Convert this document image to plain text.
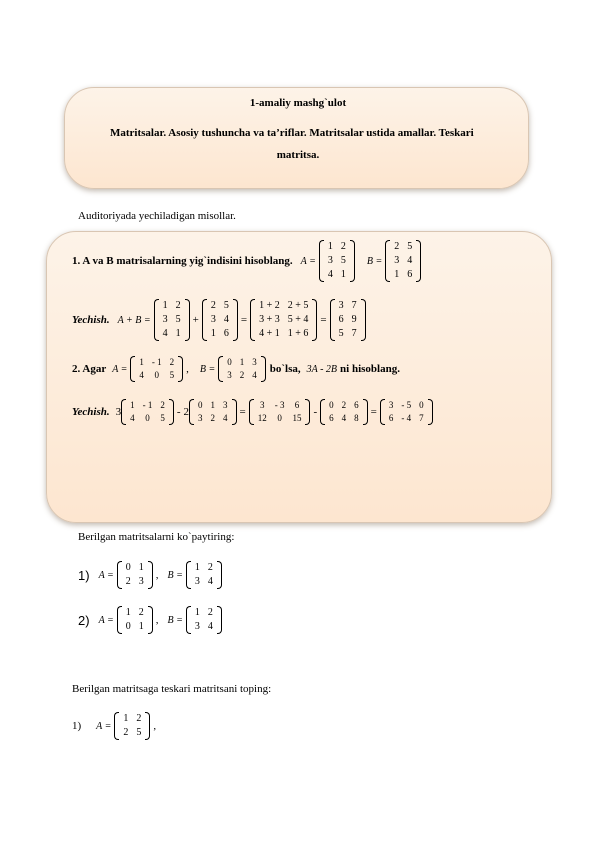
1-amaliy mashg`ulot
Matritsalar. Asosiy tushuncha va ta’riflar. Matritsalar ustida amallar. Teskari
matritsa.
Auditoriyada yechiladigan misollar.
1. A va B matrisalarning yig`indisini hisoblang. A =
1	2
3	5
4	1
B =
2	5
3	4
1	6
Yechish. A + B =
1	2
3	5
4	1
+
2	5
3	4
1	6
=
1 + 2	2 + 5
3 + 3	5 + 4
4 + 1	1 + 6
=
3	7
6	9
5	7
2. Agar A =
1	- 1	2
4	0	5 , B =
0	1	3
3	2	4 bo`lsa, 3A - 2B ni hisoblang.
Yechish. 3
1	- 1	2
4	0	5 - 2
0	1	3
3	2	4 =
3	- 3	6
12	0	15 -
0	2	6
6	4	8 =
3	- 5	0
6	- 4	7
Berilgan matritsalarni ko`paytiring:
1) A =
0	1
2	3
, B =
1	2
3	4
2) A =
1	2
0	1
, B =
1	2
3	4
Berilgan matritsaga teskari matritsani toping:
1) A =
1	2
2	5
,
